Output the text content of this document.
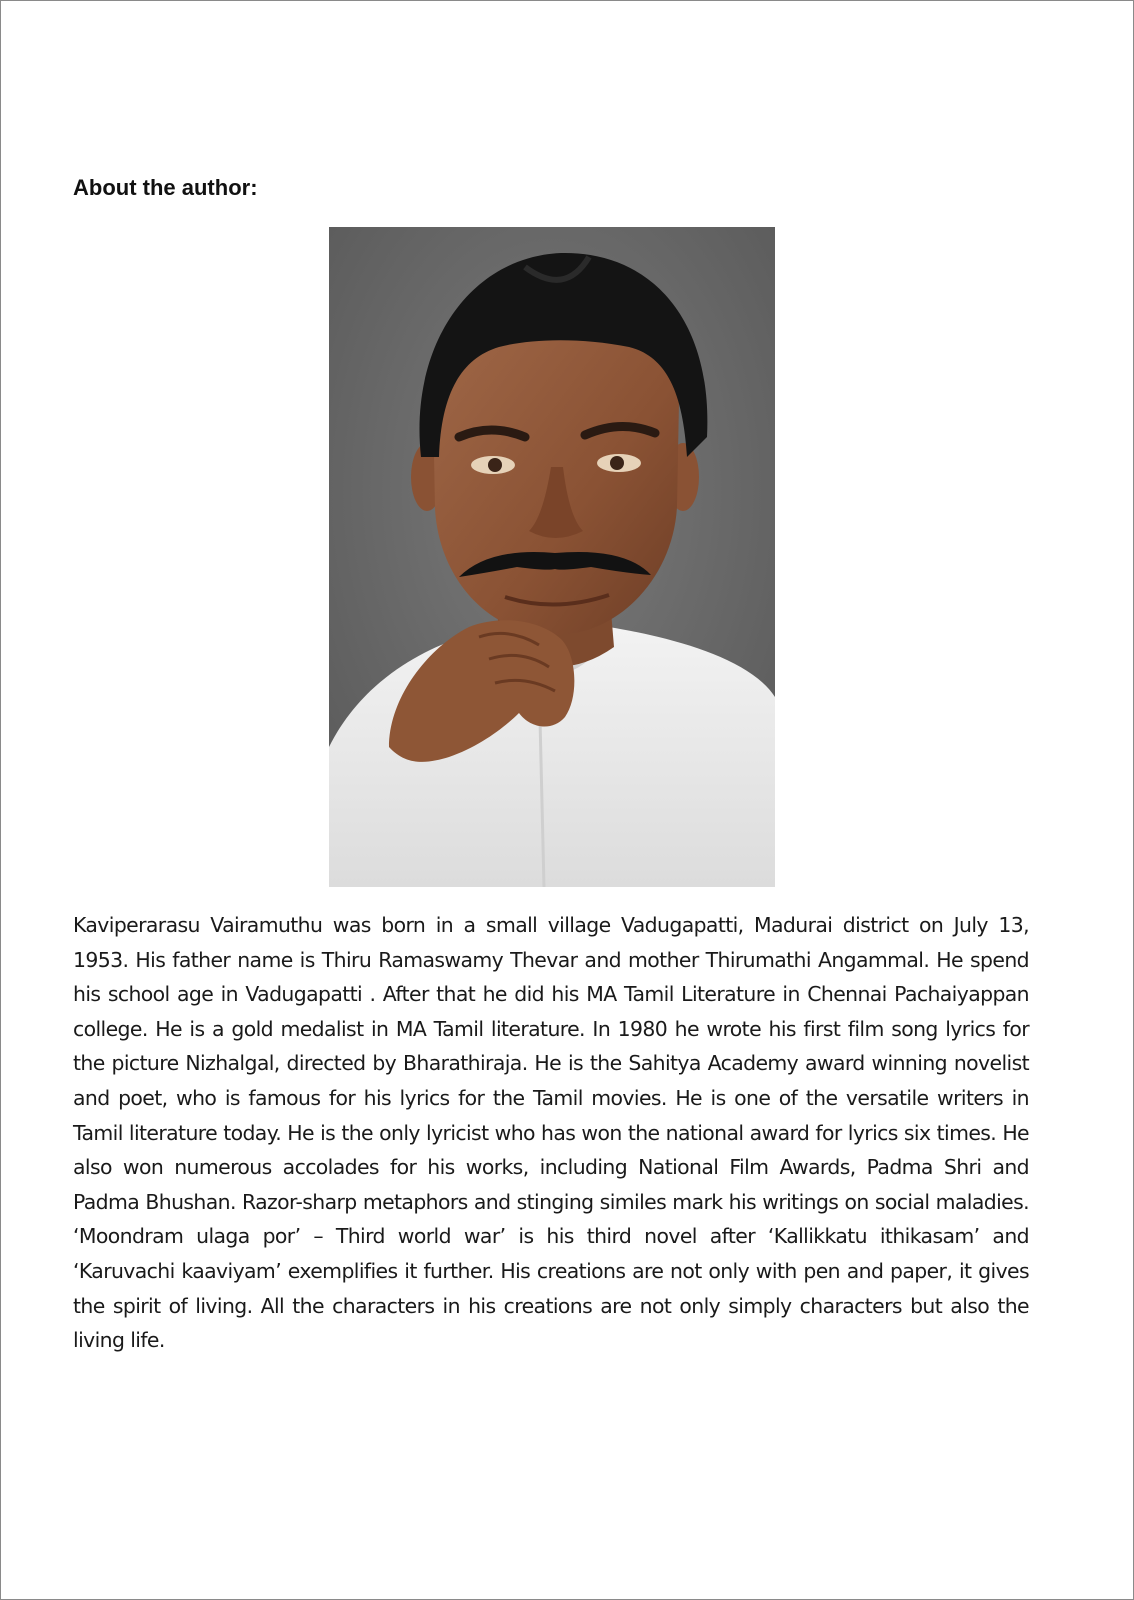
About the author:

Kaviperarasu Vairamuthu was born in a small village Vadugapatti, Madurai district on July 13, 1953. His father name is Thiru Ramaswamy Thevar and mother Thirumathi Angammal. He spend his school age in Vadugapatti . After that he did his MA Tamil Literature in Chennai Pachaiyappan college. He is a gold medalist in MA Tamil literature. In 1980 he wrote his first film song lyrics for the picture Nizhalgal, directed by Bharathiraja. He is the Sahitya Academy award winning novelist and poet, who is famous for his lyrics for the Tamil movies. He is one of the versatile writers in Tamil literature today. He is the only lyricist who has won the national award for lyrics six times. He also won numerous accolades for his works, including National Film Awards, Padma Shri and Padma Bhushan. Razor-sharp metaphors and stinging similes mark his writings on social maladies. ‘Moondram ulaga por’ – Third world war’ is his third novel after ‘Kallikkatu ithikasam’ and ‘Karuvachi kaaviyam’ exemplifies it further. His creations are not only with pen and paper, it gives the spirit of living. All the characters in his creations are not only simply characters but also the living life.
